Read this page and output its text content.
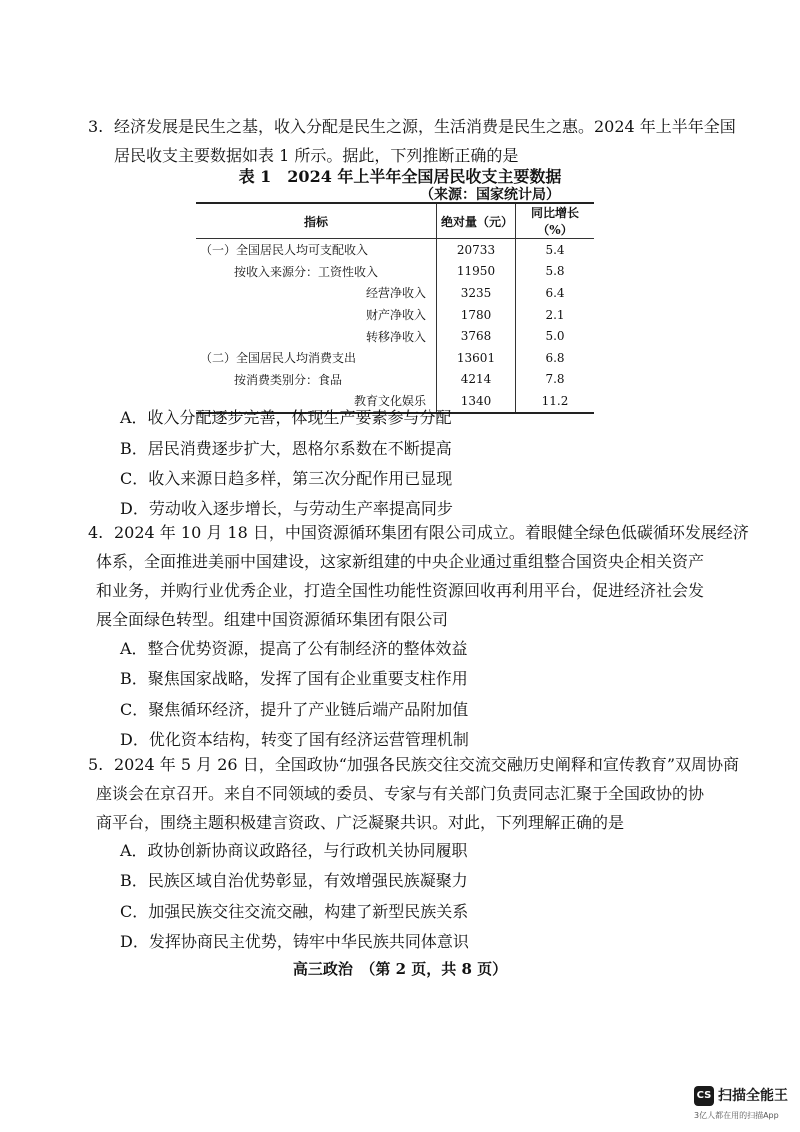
3. 经济发展是民生之基，收入分配是民生之源，生活消费是民生之惠。2024 年上半年全国
居民收支主要数据如表 1 所示。据此，下列推断正确的是
表 1　2024 年上半年全国居民收支主要数据
（来源：国家统计局）
指标	绝对量（元）	同比增长（%）
（一）全国居民人均可支配收入	20733	5.4
按收入来源分：工资性收入	11950	5.8
经营净收入	3235	6.4
财产净收入	1780	2.1
转移净收入	3768	5.0
（二）全国居民人均消费支出	13601	6.8
按消费类别分：食品	4214	7.8
教育文化娱乐	1340	11.2
A．收入分配逐步完善，体现生产要素参与分配
B．居民消费逐步扩大，恩格尔系数在不断提高
C．收入来源日趋多样，第三次分配作用已显现
D．劳动收入逐步增长，与劳动生产率提高同步
4. 2024 年 10 月 18 日，中国资源循环集团有限公司成立。着眼健全绿色低碳循环发展经济
体系，全面推进美丽中国建设，这家新组建的中央企业通过重组整合国资央企相关资产
和业务，并购行业优秀企业，打造全国性功能性资源回收再利用平台，促进经济社会发
展全面绿色转型。组建中国资源循环集团有限公司
A．整合优势资源，提高了公有制经济的整体效益
B．聚焦国家战略，发挥了国有企业重要支柱作用
C．聚焦循环经济，提升了产业链后端产品附加值
D．优化资本结构，转变了国有经济运营管理机制
5. 2024 年 5 月 26 日，全国政协“加强各民族交往交流交融历史阐释和宣传教育”双周协商
座谈会在京召开。来自不同领域的委员、专家与有关部门负责同志汇聚于全国政协的协
商平台，围绕主题积极建言资政、广泛凝聚共识。对此，下列理解正确的是
A．政协创新协商议政路径，与行政机关协同履职
B．民族区域自治优势彰显，有效增强民族凝聚力
C．加强民族交往交流交融，构建了新型民族关系
D．发挥协商民主优势，铸牢中华民族共同体意识
高三政治　（第 2 页，共 8 页）
CS 扫描全能王
3亿人都在用的扫描App
